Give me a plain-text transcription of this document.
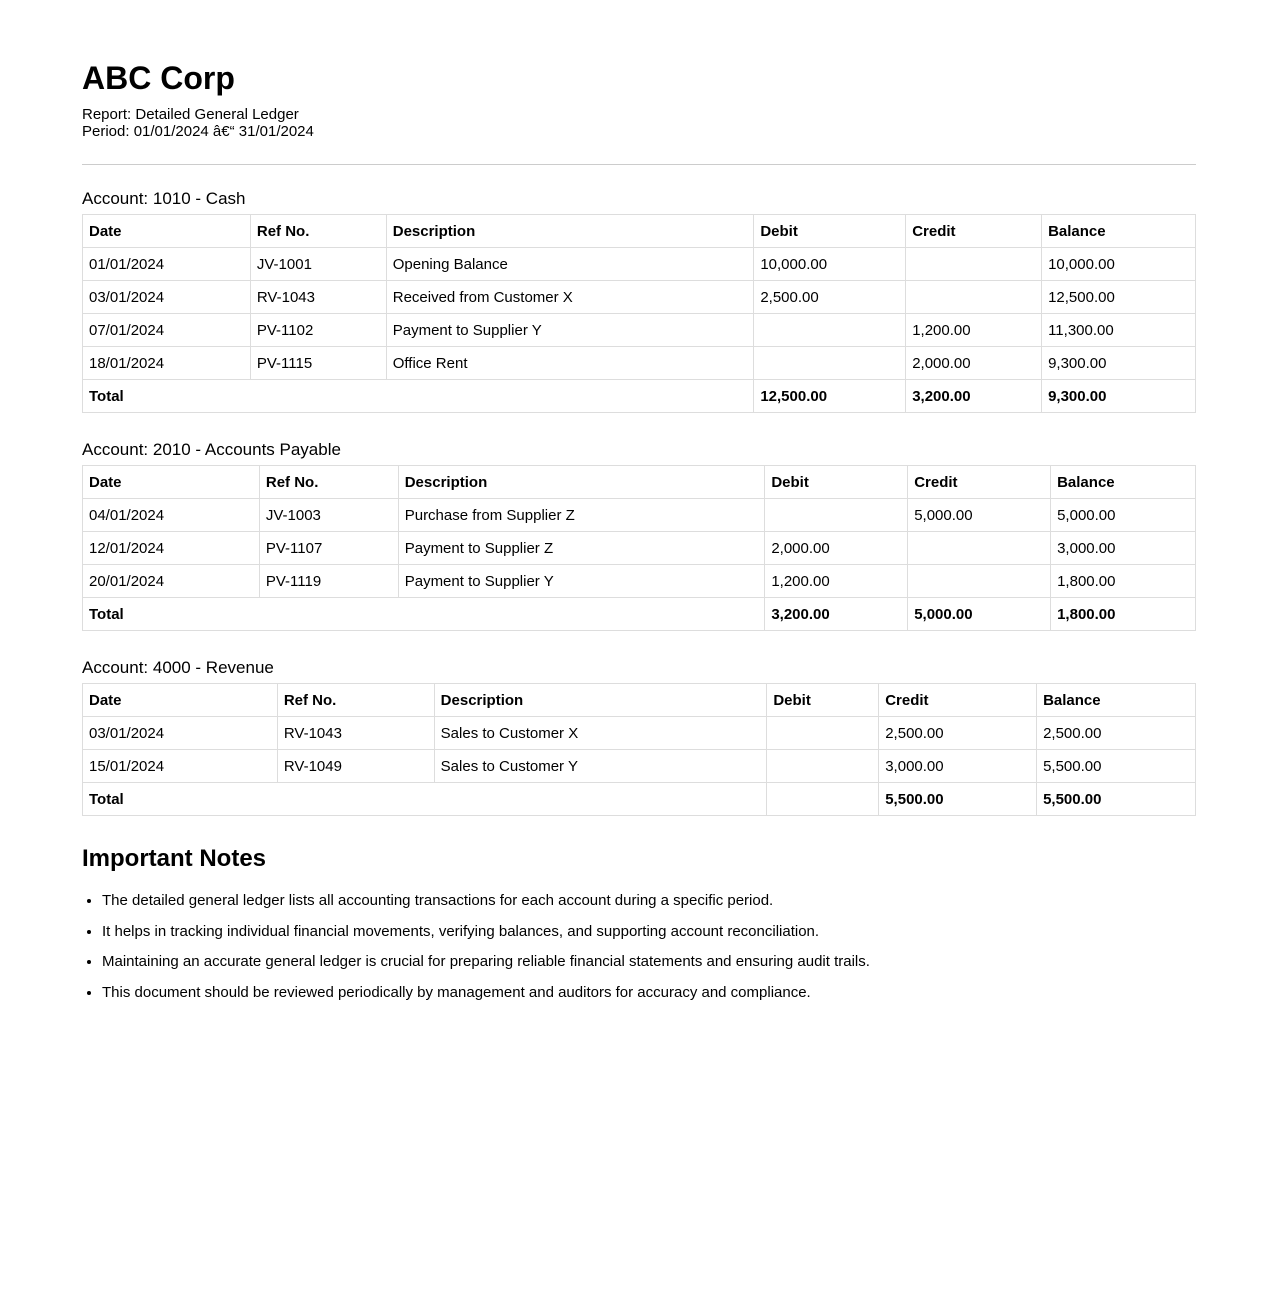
ABC Corp
Report: Detailed General Ledger
Period: 01/01/2024 â€“ 31/01/2024
Account: 1010 - Cash
Date	Ref No.	Description	Debit	Credit	Balance
01/01/2024	JV-1001	Opening Balance	10,000.00		10,000.00
03/01/2024	RV-1043	Received from Customer X	2,500.00		12,500.00
07/01/2024	PV-1102	Payment to Supplier Y		1,200.00	11,300.00
18/01/2024	PV-1115	Office Rent		2,000.00	9,300.00
Total			12,500.00	3,200.00	9,300.00
Account: 2010 - Accounts Payable
Date	Ref No.	Description	Debit	Credit	Balance
04/01/2024	JV-1003	Purchase from Supplier Z		5,000.00	5,000.00
12/01/2024	PV-1107	Payment to Supplier Z	2,000.00		3,000.00
20/01/2024	PV-1119	Payment to Supplier Y	1,200.00		1,800.00
Total			3,200.00	5,000.00	1,800.00
Account: 4000 - Revenue
Date	Ref No.	Description	Debit	Credit	Balance
03/01/2024	RV-1043	Sales to Customer X		2,500.00	2,500.00
15/01/2024	RV-1049	Sales to Customer Y		3,000.00	5,500.00
Total				5,500.00	5,500.00
Important Notes
• The detailed general ledger lists all accounting transactions for each account during a specific period.
• It helps in tracking individual financial movements, verifying balances, and supporting account reconciliation.
• Maintaining an accurate general ledger is crucial for preparing reliable financial statements and ensuring audit trails.
• This document should be reviewed periodically by management and auditors for accuracy and compliance.
